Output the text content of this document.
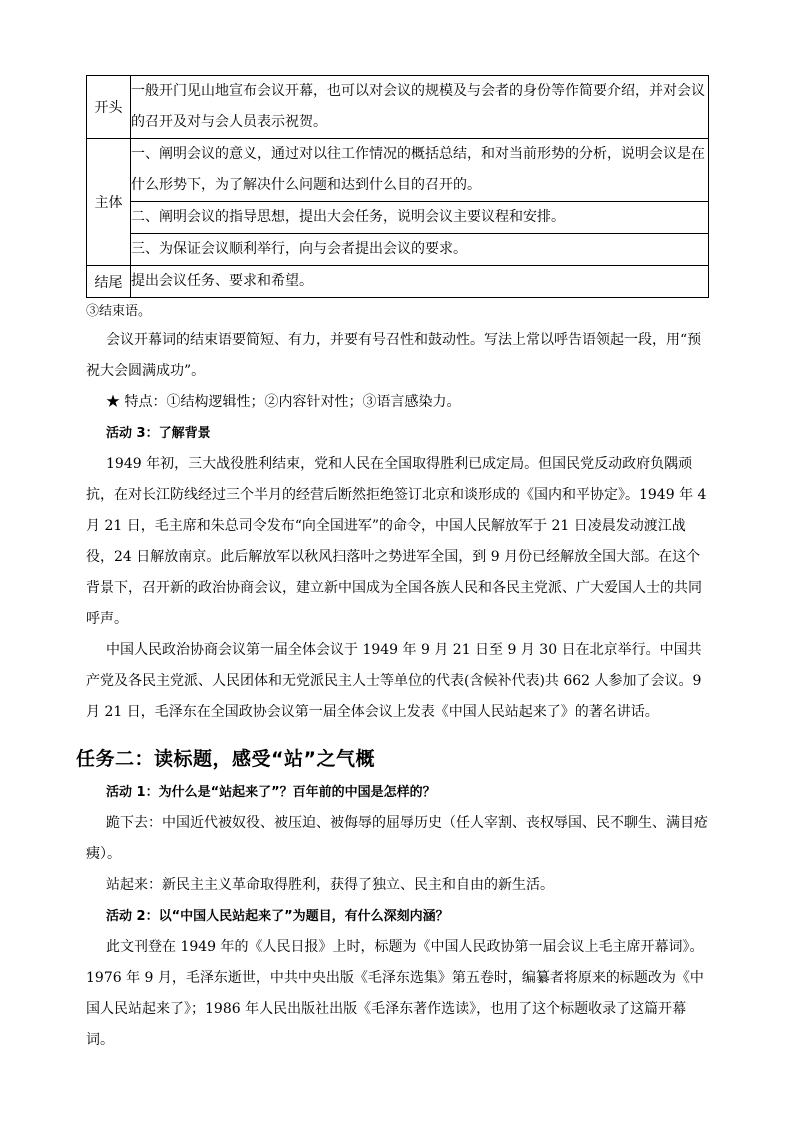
开头	一般开门见山地宣布会议开幕，也可以对会议的规模及与会者的身份等作简要介绍，并对会议的召开及对与会人员表示祝贺。
主体	一、阐明会议的意义，通过对以往工作情况的概括总结，和对当前形势的分析，说明会议是在什么形势下，为了解决什么问题和达到什么目的召开的。
	二、阐明会议的指导思想，提出大会任务，说明会议主要议程和安排。
	三、为保证会议顺利举行，向与会者提出会议的要求。
结尾	提出会议任务、要求和希望。

③结束语。

会议开幕词的结束语要简短、有力，并要有号召性和鼓动性。写法上常以呼告语领起一段，用“预祝大会圆满成功”。

★ 特点：①结构逻辑性；②内容针对性；③语言感染力。

活动 3：了解背景

1949 年初，三大战役胜利结束，党和人民在全国取得胜利已成定局。但国民党反动政府负隅顽抗，在对长江防线经过三个半月的经营后断然拒绝签订北京和谈形成的《国内和平协定》。1949 年 4 月 21 日，毛主席和朱总司令发布“向全国进军”的命令，中国人民解放军于 21 日凌晨发动渡江战役，24 日解放南京。此后解放军以秋风扫落叶之势进军全国，到 9 月份已经解放全国大部。在这个背景下，召开新的政治协商会议，建立新中国成为全国各族人民和各民主党派、广大爱国人士的共同呼声。

中国人民政治协商会议第一届全体会议于 1949 年 9 月 21 日至 9 月 30 日在北京举行。中国共产党及各民主党派、人民团体和无党派民主人士等单位的代表(含候补代表)共 662 人参加了会议。9 月 21 日，毛泽东在全国政协会议第一届全体会议上发表《中国人民站起来了》的著名讲话。

任务二：读标题，感受“站”之气概

活动 1：为什么是“站起来了”？百年前的中国是怎样的？

跪下去：中国近代被奴役、被压迫、被侮辱的屈辱历史（任人宰割、丧权辱国、民不聊生、满目疮痍）。

站起来：新民主主义革命取得胜利，获得了独立、民主和自由的新生活。

活动 2：以“中国人民站起来了”为题目，有什么深刻内涵？

此文刊登在 1949 年的《人民日报》上时，标题为《中国人民政协第一届会议上毛主席开幕词》。1976 年 9 月，毛泽东逝世，中共中央出版《毛泽东选集》第五卷时，编纂者将原来的标题改为《中国人民站起来了》；1986 年人民出版社出版《毛泽东著作选读》，也用了这个标题收录了这篇开幕词。
